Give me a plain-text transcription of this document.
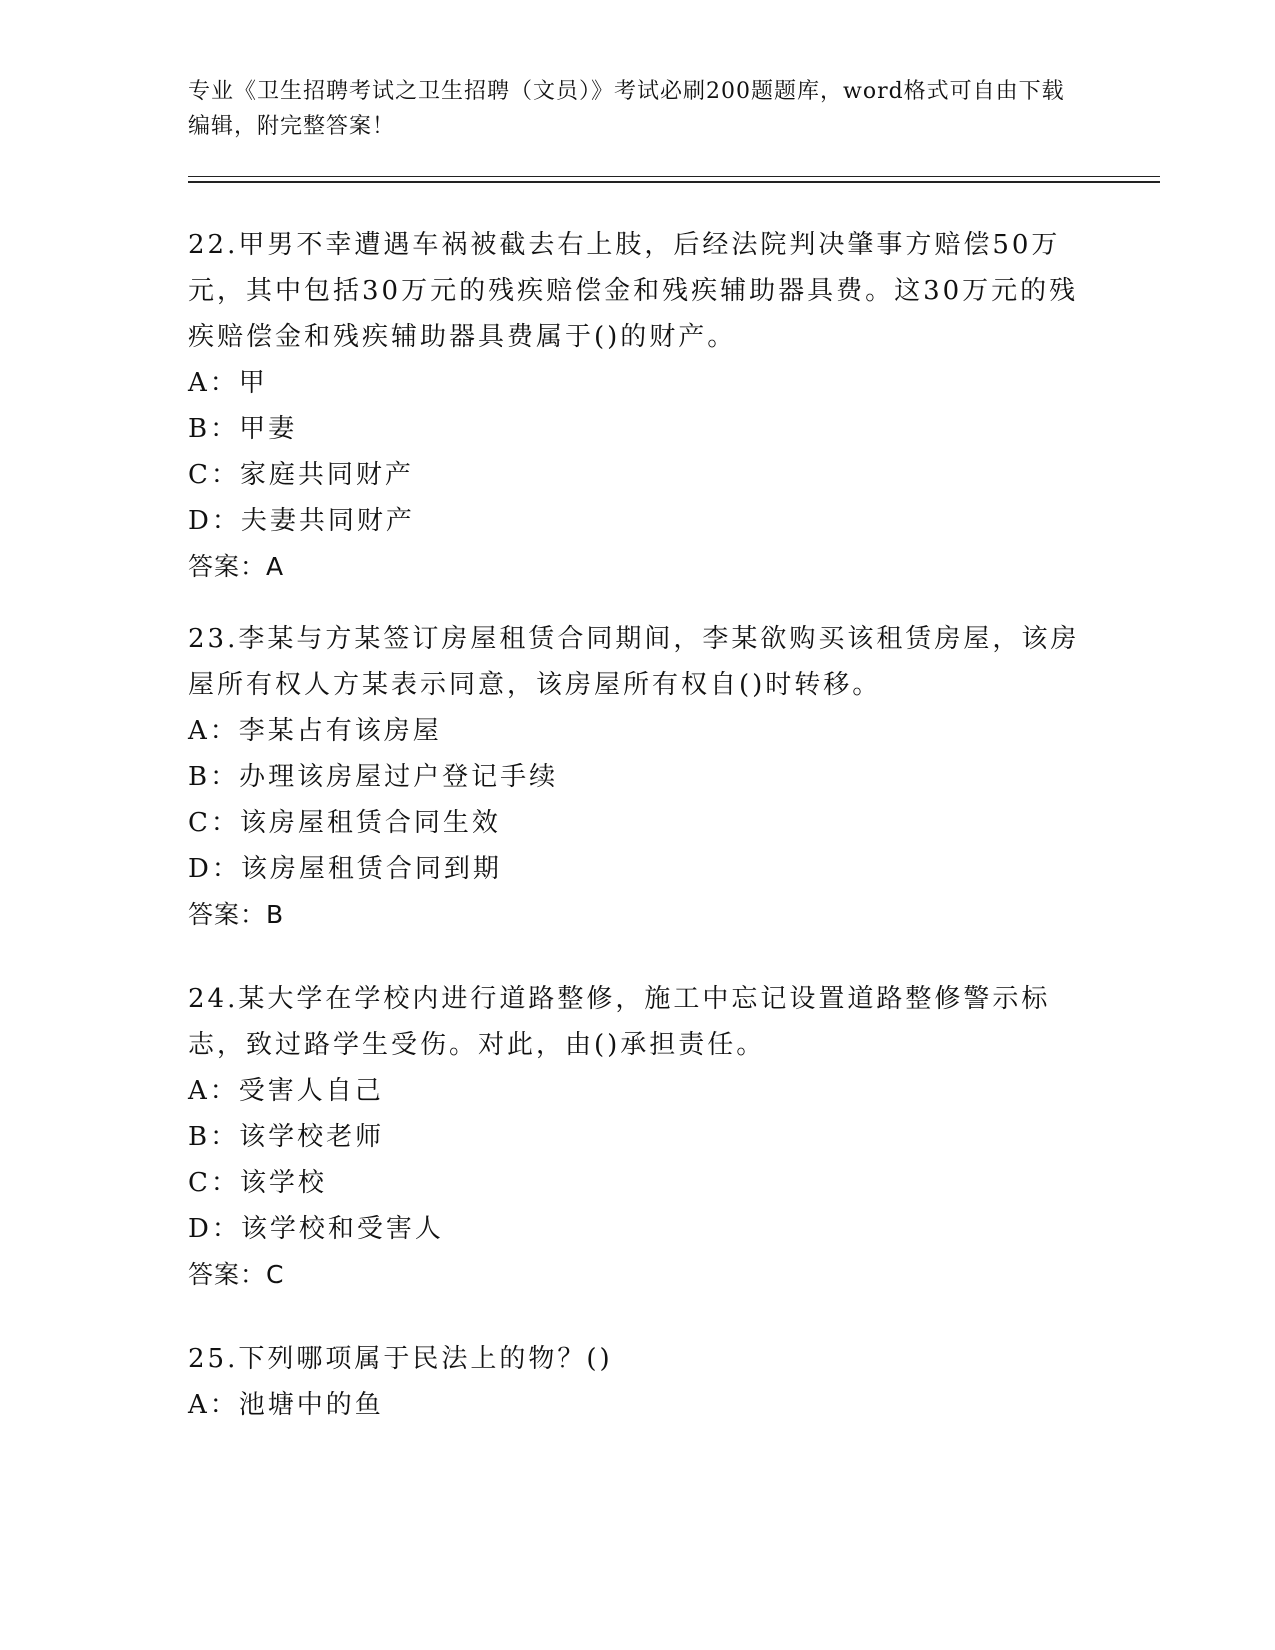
专业《卫生招聘考试之卫生招聘（文员）》考试必刷200题题库，word格式可自由下载编辑，附完整答案！
22.甲男不幸遭遇车祸被截去右上肢，后经法院判决肇事方赔偿50万元，其中包括30万元的残疾赔偿金和残疾辅助器具费。这30万元的残疾赔偿金和残疾辅助器具费属于()的财产。
A：甲
B：甲妻
C：家庭共同财产
D：夫妻共同财产
答案：A
23.李某与方某签订房屋租赁合同期间，李某欲购买该租赁房屋，该房屋所有权人方某表示同意，该房屋所有权自()时转移。
A：李某占有该房屋
B：办理该房屋过户登记手续
C：该房屋租赁合同生效
D：该房屋租赁合同到期
答案：B
24.某大学在学校内进行道路整修，施工中忘记设置道路整修警示标志，致过路学生受伤。对此，由()承担责任。
A：受害人自己
B：该学校老师
C：该学校
D：该学校和受害人
答案：C
25.下列哪项属于民法上的物？()
A：池塘中的鱼
